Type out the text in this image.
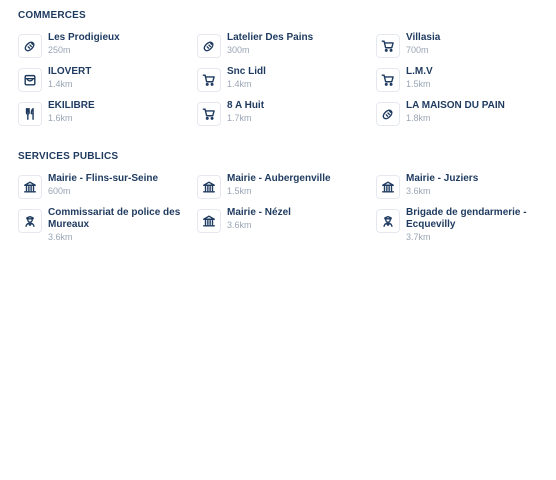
COMMERCES
Les Prodigieux
250m
Latelier Des Pains
300m
Villasia
700m
ILOVERT
1.4km
Snc Lidl
1.4km
L.M.V
1.5km
EKILIBRE
1.6km
8 A Huit
1.7km
LA MAISON DU PAIN
1.8km
SERVICES PUBLICS
Mairie - Flins-sur-Seine
600m
Mairie - Aubergenville
1.5km
Mairie - Juziers
3.6km
Commissariat de police des Mureaux
3.6km
Mairie - Nézel
3.6km
Brigade de gendarmerie - Ecquevilly
3.7km
